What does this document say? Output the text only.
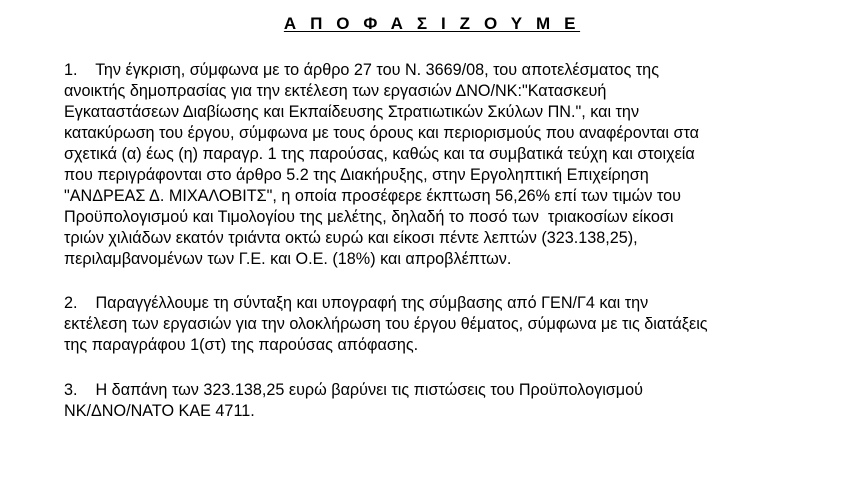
Α Π Ο Φ Α Σ Ι Ζ Ο Υ Μ Ε
1.    Την έγκριση, σύμφωνα με το άρθρο 27 του Ν. 3669/08, του αποτελέσματος της
ανοικτής δημοπρασίας για την εκτέλεση των εργασιών ΔΝΟ/ΝΚ:"Κατασκευή
Εγκαταστάσεων Διαβίωσης και Εκπαίδευσης Στρατιωτικών Σκύλων ΠΝ.", και την
κατακύρωση του έργου, σύμφωνα με τους όρους και περιορισμούς που αναφέρονται στα
σχετικά (α) έως (η) παραγρ. 1 της παρούσας, καθώς και τα συμβατικά τεύχη και στοιχεία
που περιγράφονται στο άρθρο 5.2 της Διακήρυξης, στην Εργοληπτική Επιχείρηση
"ΑΝΔΡΕΑΣ Δ. ΜΙΧΑΛΟΒΙΤΣ", η οποία προσέφερε έκπτωση 56,26% επί των τιμών του
Προϋπολογισμού και Τιμολογίου της μελέτης, δηλαδή το ποσό των  τριακοσίων είκοσι
τριών χιλιάδων εκατόν τριάντα οκτώ ευρώ και είκοσι πέντε λεπτών (323.138,25),
περιλαμβανομένων των Γ.Ε. και Ο.Ε. (18%) και απροβλέπτων.
2.    Παραγγέλλουμε τη σύνταξη και υπογραφή της σύμβασης από ΓΕΝ/Γ4 και την
εκτέλεση των εργασιών για την ολοκλήρωση του έργου θέματος, σύμφωνα με τις διατάξεις
της παραγράφου 1(στ) της παρούσας απόφασης.
3.    Η δαπάνη των 323.138,25 ευρώ βαρύνει τις πιστώσεις του Προϋπολογισμού
ΝΚ/ΔΝΟ/ΝΑΤΟ ΚΑΕ 4711.
